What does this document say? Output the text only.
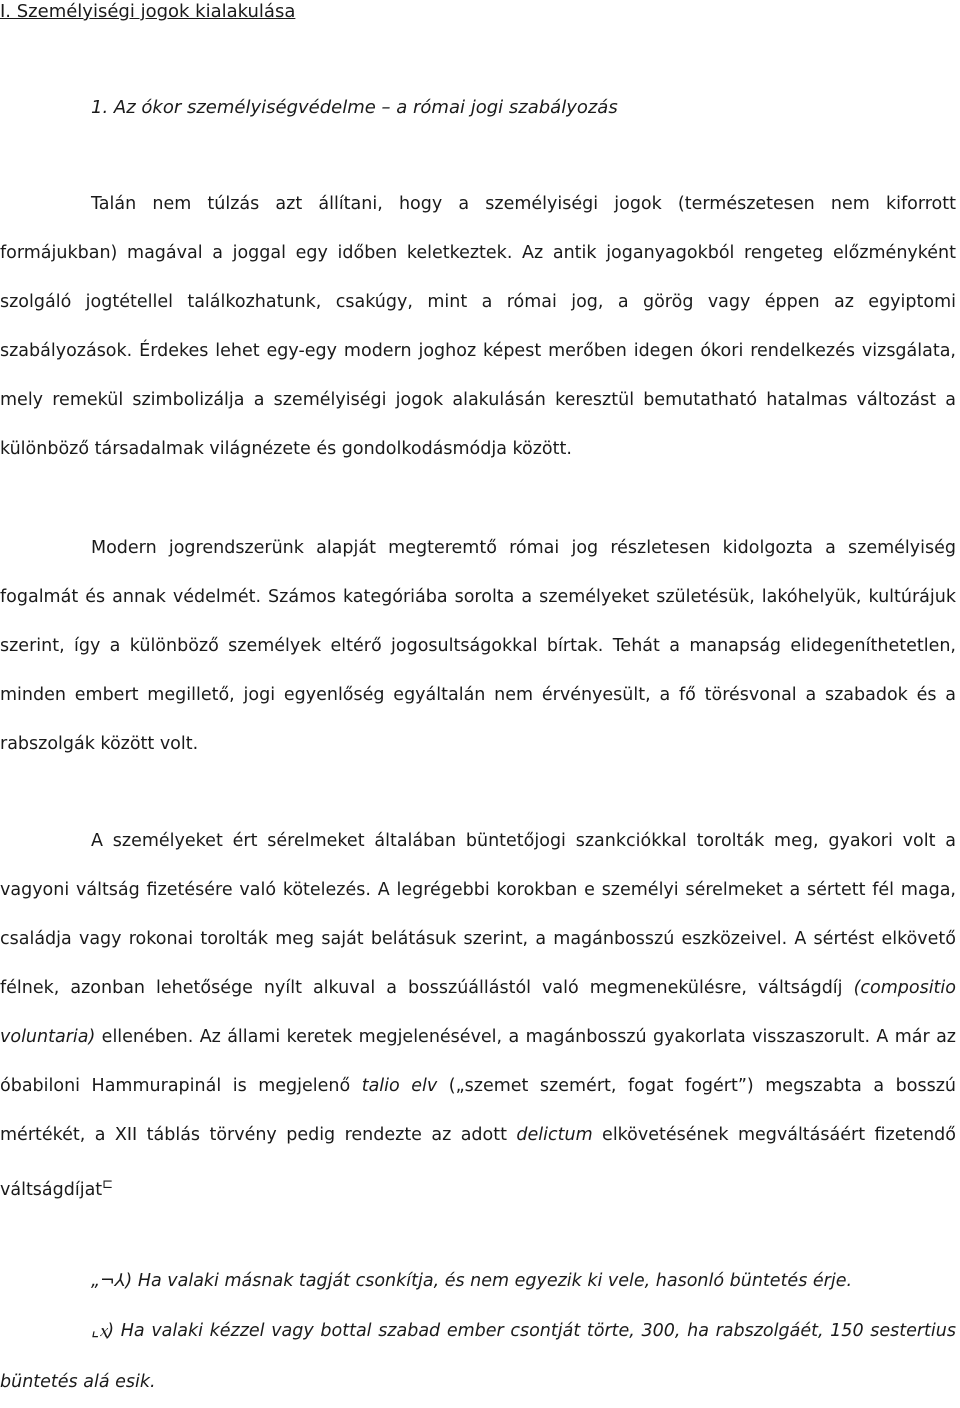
I. Személyiségi jogok kialakulása
1. Az ókor személyiségvédelme – a római jogi szabályozás

Talán nem túlzás azt állítani, hogy a személyiségi jogok (természetesen nem kiforrott formájukban) magával a joggal egy időben keletkeztek. Az antik joganyagokból rengeteg előzményként szolgáló jogtétellel találkozhatunk, csakúgy, mint a római jog, a görög vagy éppen az egyiptomi szabályozások. Érdekes lehet egy-egy modern joghoz képest merőben idegen ókori rendelkezés vizsgálata, mely remekül szimbolizálja a személyiségi jogok alakulásán keresztül bemutatható hatalmas változást a különböző társadalmak világnézete és gondolkodásmódja között.

Modern jogrendszerünk alapját megteremtő római jog részletesen kidolgozta a személyiség fogalmát és annak védelmét. Számos kategóriába sorolta a személyeket születésük, lakóhelyük, kultúrájuk szerint, így a különböző személyek eltérő jogosultságokkal bírtak. Tehát a manapság elidegeníthetetlen, minden embert megillető, jogi egyenlőség egyáltalán nem érvényesült, a fő törésvonal a szabadok és a rabszolgák között volt.

A személyeket ért sérelmeket általában büntetőjogi szankciókkal torolták meg, gyakori volt a vagyoni váltság fizetésére való kötelezés. A legrégebbi korokban e személyi sérelmeket a sértett fél maga, családja vagy rokonai torolták meg saját belátásuk szerint, a magánbosszú eszközeivel. A sértést elkövető félnek, azonban lehetősége nyílt alkuval a bosszúállástól való megmenekülésre, váltságdíj (compositio voluntaria) ellenében. Az állami keretek megjelenésével, a magánbosszú gyakorlata visszaszorult. A már az óbabiloni Hammurapinál is megjelenő talio elv („szemet szemért, fogat fogért”) megszabta a bosszú mértékét, a XII táblás törvény pedig rendezte az adott delictum elkövetésének megváltásáért fizetendő váltságdíjat⊏

„¬⅄) Ha valaki másnak tagját csonkítja, és nem egyezik ki vele, hasonló büntetés érje.

⌞ⲭ) Ha valaki kézzel vagy bottal szabad ember csontját törte, 300, ha rabszolgáét, 150 sestertius büntetés alá esik.
